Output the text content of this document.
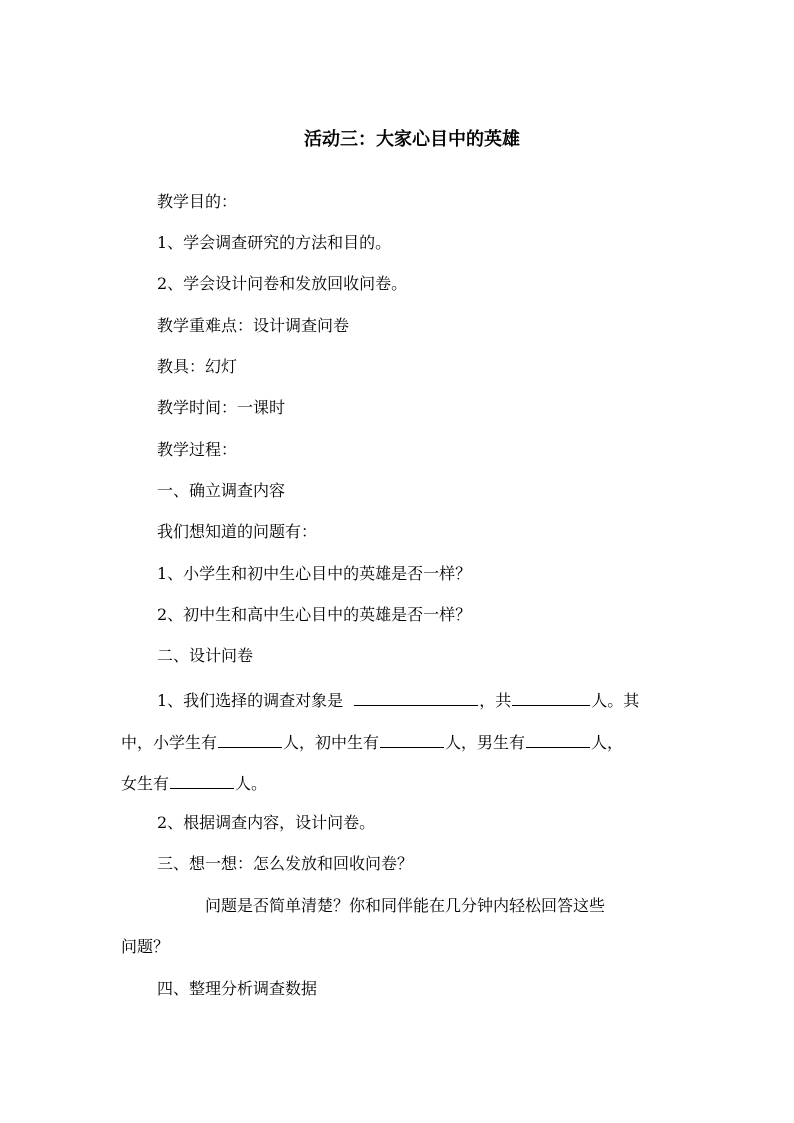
活动三：大家心目中的英雄
教学目的：
1、学会调查研究的方法和目的。
2、学会设计问卷和发放回收问卷。
教学重难点：设计调查问卷
教具：幻灯
教学时间：一课时
教学过程：
一、确立调查内容
我们想知道的问题有：
1、小学生和初中生心目中的英雄是否一样？
2、初中生和高中生心目中的英雄是否一样？
二、设计问卷
1、我们选择的调查对象是	，共	人。其
中，小学生有	人，初中生有	人，男生有	人，
女生有	人。
2、根据调查内容，设计问卷。
三、想一想：怎么发放和回收问卷？
问题是否简单清楚？你和同伴能在几分钟内轻松回答这些
问题？
四、整理分析调查数据
